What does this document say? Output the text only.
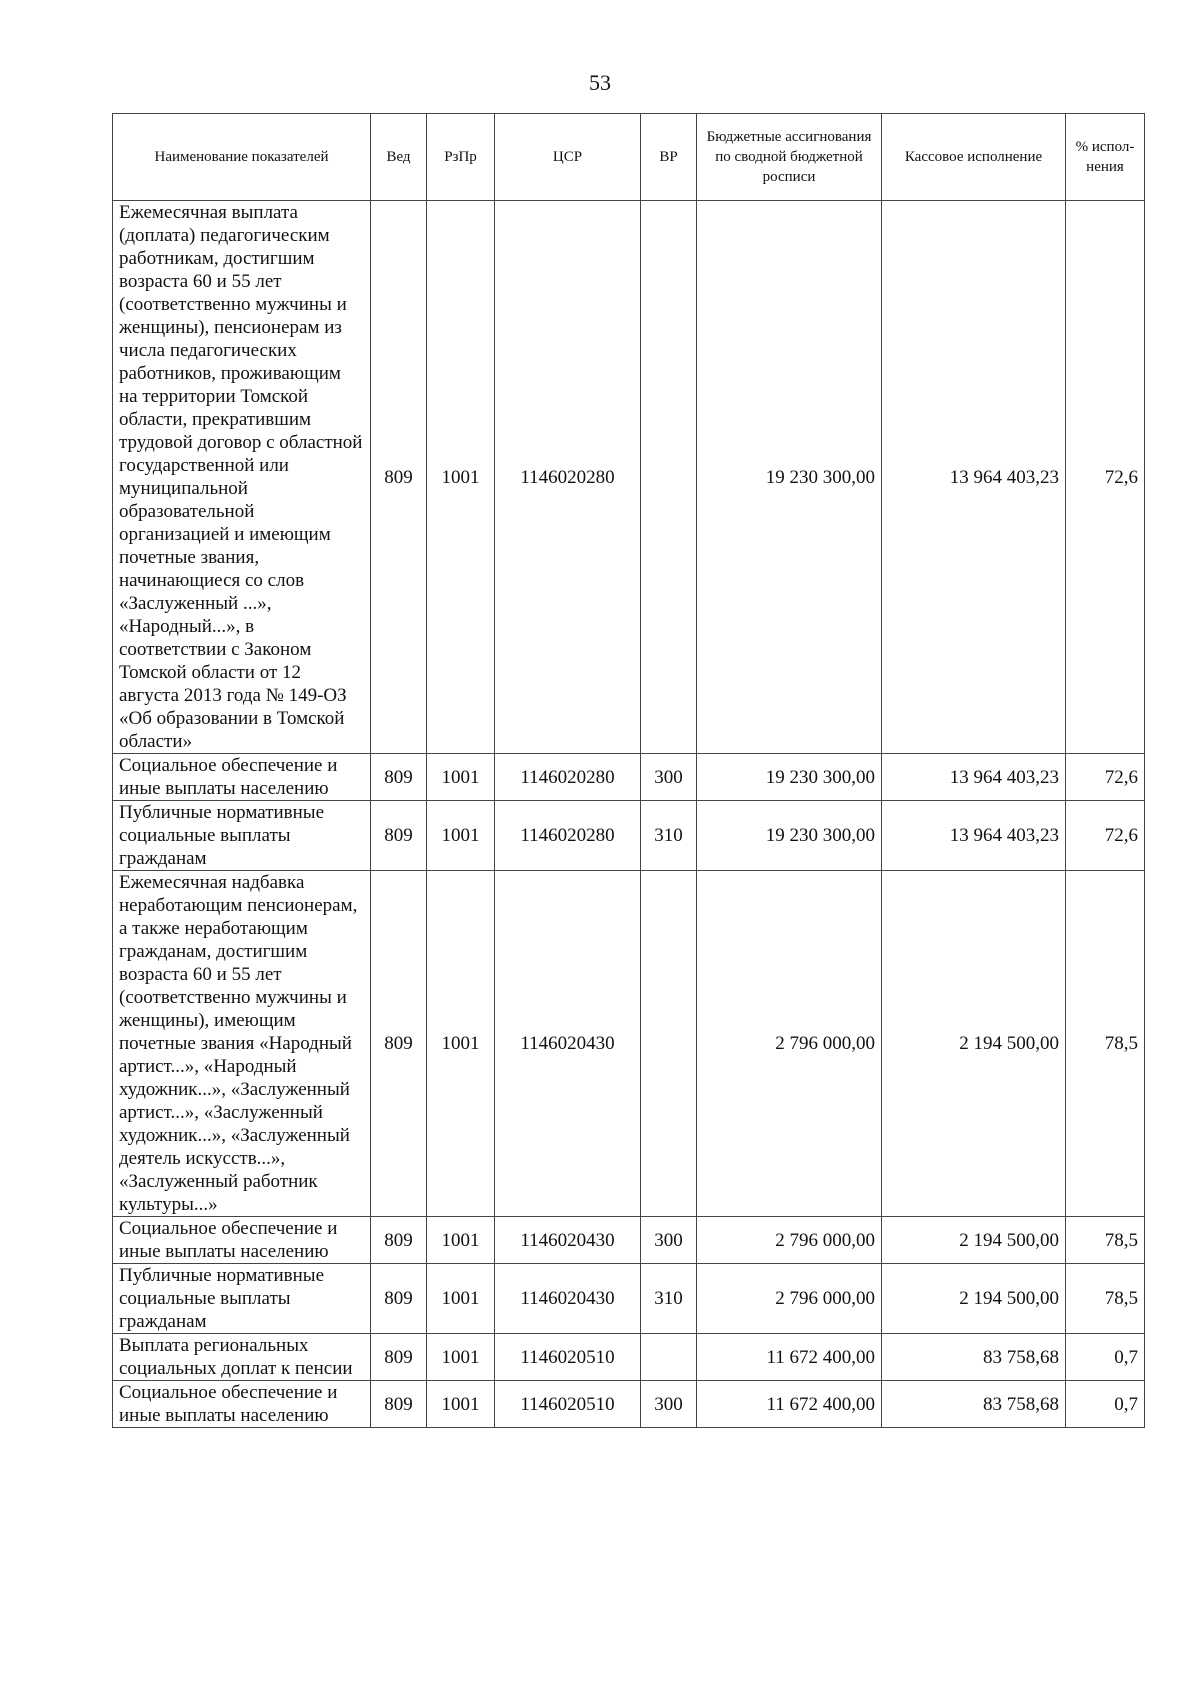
53
Наименование показателей	Вед	РзПр	ЦСР	ВР	Бюджетные ассигнования по сводной бюджетной росписи	Кассовое исполнение	% испол-нения
Ежемесячная выплата (доплата) педагогическим работникам, достигшим возраста 60 и 55 лет (соответственно мужчины и женщины), пенсионерам из числа педагогических работников, проживающим на территории Томской области, прекратившим трудовой договор с областной государственной или муниципальной образовательной организацией и имеющим почетные звания, начинающиеся со слов «Заслуженный ...», «Народный...», в соответствии с Законом Томской области от 12 августа 2013 года № 149-ОЗ «Об образовании в Томской области»	809	1001	1146020280		19 230 300,00	13 964 403,23	72,6
Социальное обеспечение и иные выплаты населению	809	1001	1146020280	300	19 230 300,00	13 964 403,23	72,6
Публичные нормативные социальные выплаты гражданам	809	1001	1146020280	310	19 230 300,00	13 964 403,23	72,6
Ежемесячная надбавка неработающим пенсионерам, а также неработающим гражданам, достигшим возраста 60 и 55 лет (соответственно мужчины и женщины), имеющим почетные звания «Народный артист...», «Народный художник...», «Заслуженный артист...», «Заслуженный художник...», «Заслуженный деятель искусств...», «Заслуженный работник культуры...»	809	1001	1146020430		2 796 000,00	2 194 500,00	78,5
Социальное обеспечение и иные выплаты населению	809	1001	1146020430	300	2 796 000,00	2 194 500,00	78,5
Публичные нормативные социальные выплаты гражданам	809	1001	1146020430	310	2 796 000,00	2 194 500,00	78,5
Выплата региональных социальных доплат к пенсии	809	1001	1146020510		11 672 400,00	83 758,68	0,7
Социальное обеспечение и иные выплаты населению	809	1001	1146020510	300	11 672 400,00	83 758,68	0,7
